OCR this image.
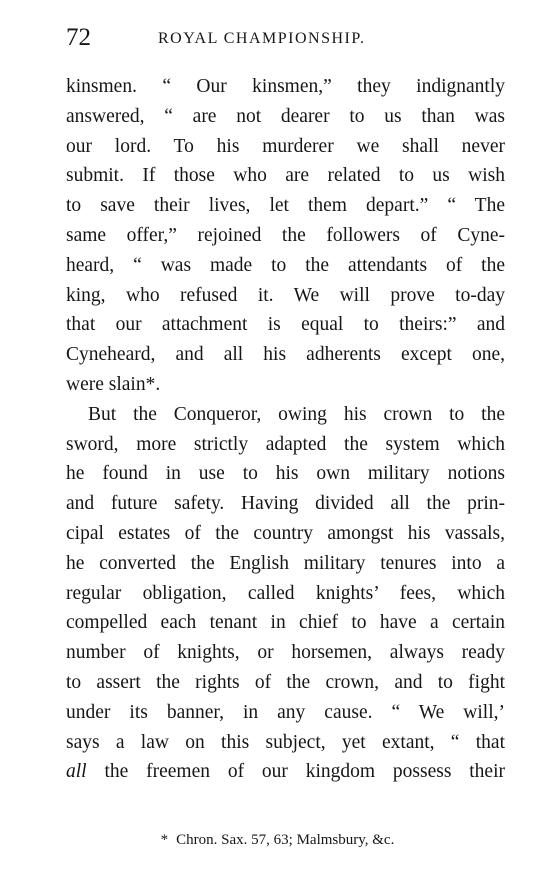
72	ROYAL CHAMPIONSHIP.

kinsmen. “ Our kinsmen,” they indignantly
answered, “ are not dearer to us than was
our lord. To his murderer we shall never
submit. If those who are related to us wish
to save their lives, let them depart.” “ The
same offer,” rejoined the followers of Cyne-
heard, “ was made to the attendants of the
king, who refused it. We will prove to-day
that our attachment is equal to theirs:” and
Cyneheard, and all his adherents except one,
were slain*.

But the Conqueror, owing his crown to the
sword, more strictly adapted the system which
he found in use to his own military notions
and future safety. Having divided all the prin-
cipal estates of the country amongst his vassals,
he converted the English military tenures into a
regular obligation, called knights’ fees, which
compelled each tenant in chief to have a certain
number of knights, or horsemen, always ready
to assert the rights of the crown, and to fight
under its banner, in any cause. “ We will,’
says a law on this subject, yet extant, “ that
all the freemen of our kingdom possess their

* Chron. Sax. 57, 63; Malmsbury, &c.
